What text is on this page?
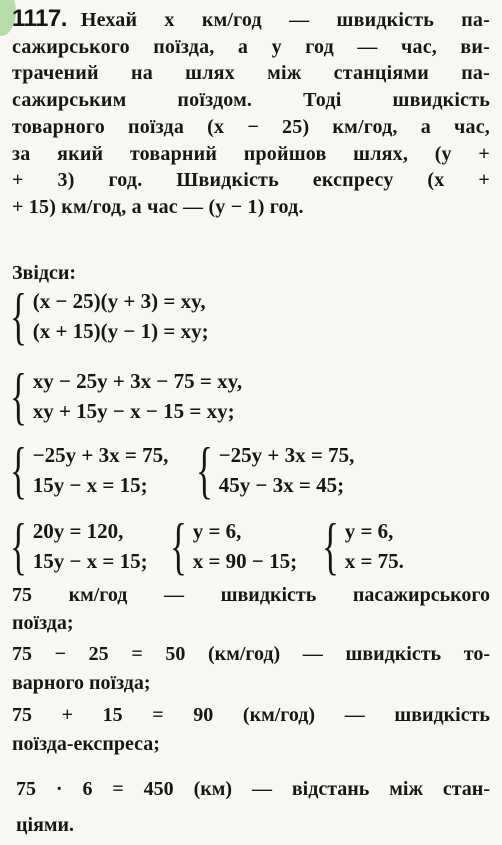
1117. Нехай x км/год — швидкість па-
сажирського поїзда, а y год — час, ви-
трачений на шлях між станціями па-
сажирським поїздом. Тоді швидкість
товарного поїзда (x − 25) км/год, а час,
за який товарний пройшов шлях, (y +
+ 3) год. Швидкість експресу (x +
+ 15) км/год, а час — (y − 1) год.
Звідси:
{ (x − 25)(y + 3) = xy,
(x + 15)(y − 1) = xy;
{ xy − 25y + 3x − 75 = xy,
xy + 15y − x − 15 = xy;
{ −25y + 3x = 75,
15y − x = 15; { −25y + 3x = 75,
45y − 3x = 45;
{ 20y = 120,
15y − x = 15; { y = 6,
x = 90 − 15; { y = 6,
x = 75.
75 км/год — швидкість пасажирського
поїзда;
75 − 25 = 50 (км/год) — швидкість то-
варного поїзда;
75 + 15 = 90 (км/год) — швидкість
поїзда-експреса;
75 · 6 = 450 (км) — відстань між стан-
ціями.
